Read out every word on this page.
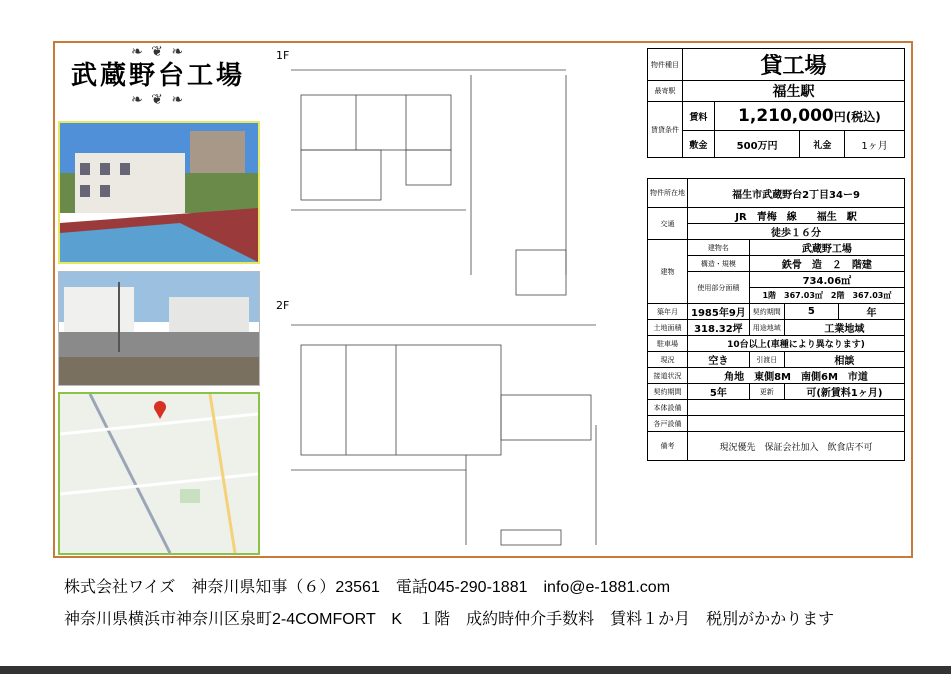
❧ ❦ ❧
武蔵野台工場
❧ ❦ ❧
1F
2F
物件種目	貸工場			
最寄駅	福生駅			
賃貸条件	賃料	1,210,000円(税込)		
	敷金	500万円	礼金	1ヶ月
物件所在地	福生市武蔵野台2丁目34ー9			
交通	JR　青梅　線　　福生　駅			
	徒歩１６分			
建物	建物名	武蔵野工場		
	構造・規模	鉄骨　造　２　階建		
	使用部分面積	734.06㎡		
		1階　367.03㎡　2階　367.03㎡		
築年月	1985年9月	契約期間	5	年
土地面積	318.32坪	用途地域	工業地域	
駐車場	10台以上(車種により異なります)			
現況	空き	引渡日	相談	
接道状況	角地　東側8M　南側6M　市道			
契約期間	5年	更新	可(新賃料1ヶ月)	
本体設備				
各戸設備				
備考	現況優先　 保証会社加入　 飲食店不可			
株式会社ワイズ　神奈川県知事（６）23561　電話045-290-1881　info@e-1881.com
神奈川県横浜市神奈川区泉町2-4COMFORT　K　１階　成約時仲介手数料　賃料１か月　税別がかかります
